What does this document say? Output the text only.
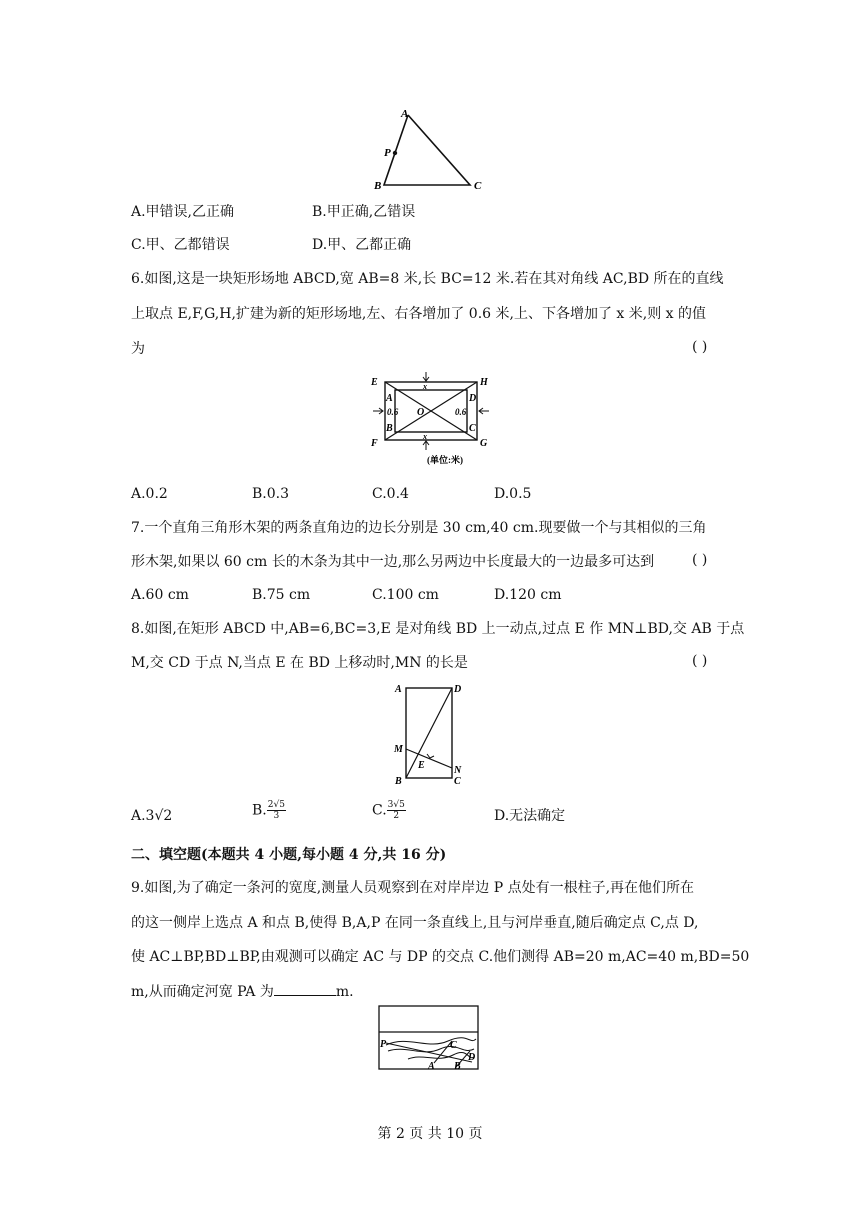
A
P
B	C
A.甲错误,乙正确	B.甲正确,乙错误
C.甲、乙都错误	D.甲、乙都正确
6.如图,这是一块矩形场地 ABCD,宽 AB=8 米,长 BC=12 米.若在其对角线 AC,BD 所在的直线
上取点 E,F,G,H,扩建为新的矩形场地,左、右各增加了 0.6 米,上、下各增加了 x 米,则 x 的值
为	( )
E	H
A	D
O
B	C
F	G
0.6	0.6
x
x
(单位:米)
A.0.2	B.0.3	C.0.4	D.0.5
7.一个直角三角形木架的两条直角边的边长分别是 30 cm,40 cm.现要做一个与其相似的三角
形木架,如果以 60 cm 长的木条为其中一边,那么另两边中长度最大的一边最多可达到	( )
A.60 cm	B.75 cm	C.100 cm	D.120 cm
8.如图,在矩形 ABCD 中,AB=6,BC=3,E 是对角线 BD 上一动点,过点 E 作 MN⊥BD,交 AB 于点
M,交 CD 于点 N,当点 E 在 BD 上移动时,MN 的长是	( )
A	D
M
E	N
B	C
A.3√2	B. $\frac{2√5}{3}$	C. $\frac{3√5}{2}$	D.无法确定
二、填空题(本题共 4 小题,每小题 4 分,共 16 分)
9.如图,为了确定一条河的宽度,测量人员观察到在对岸岸边 P 点处有一根柱子,再在他们所在
的这一侧岸上选点 A 和点 B,使得 B,A,P 在同一条直线上,且与河岸垂直,随后确定点 C,点 D,
使 AC⊥BP,BD⊥BP,由观测可以确定 AC 与 DP 的交点 C.他们测得 AB=20 m,AC=40 m,BD=50
m,从而确定河宽 PA 为	m.
P	C
D
A B
第 2 页 共 10 页
